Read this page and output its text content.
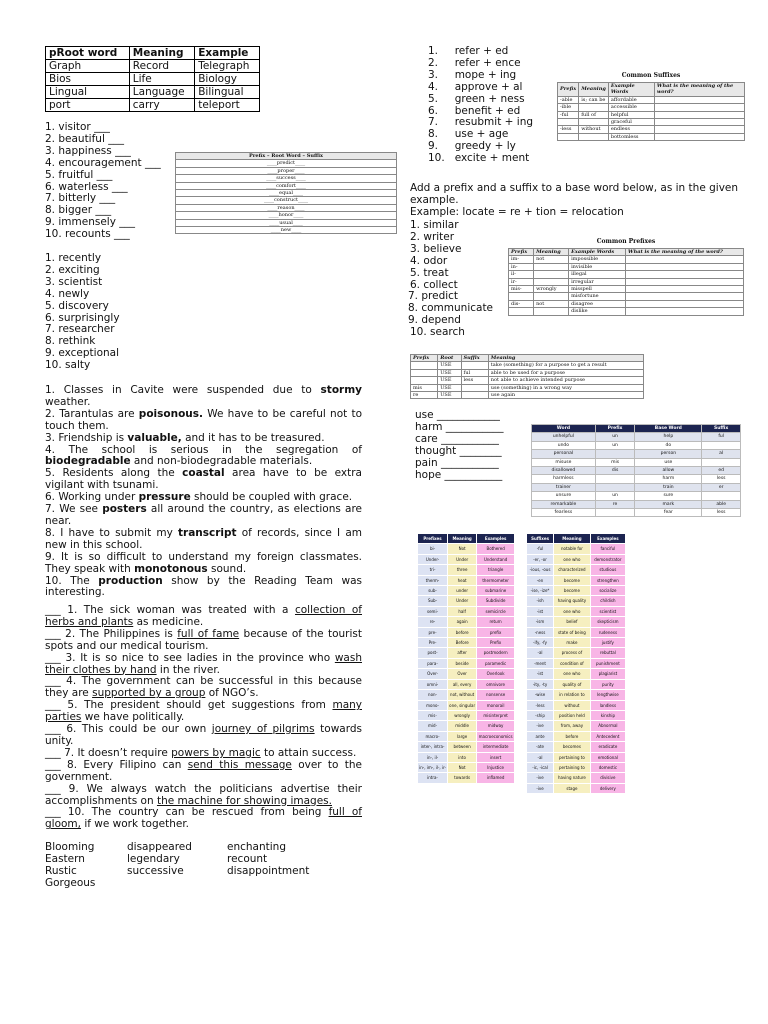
pRoot word	Meaning	Example
Graph	Record	Telegraph
Bios	Life	Biology
Lingual	Language	Bilingual
port	carry	teleport
1. visitor ___
2. beautiful ___
3. happiness ___
4. encouragement ___
5. fruitful ___
6. waterless ___
7. bitterly ___
8. bigger ___
9. immensely ___
10. recounts ___
Prefix – Root Word – Suffix
____predict____
____proper____
____success____
____comfort____
____equal____
____construct____
____reason____
____honor____
____usual____
____new____
1. recently
2. exciting
3. scientist
4. newly
5. discovery
6. surprisingly
7. researcher
8. rethink
9. exceptional
10. salty
1. Classes in Cavite were suspended due to stormy weather.
2. Tarantulas are poisonous. We have to be careful not to touch them.
3. Friendship is valuable, and it has to be treasured.
4. The school is serious in the segregation of biodegradable and non-biodegradable materials.
5. Residents along the coastal area have to be extra vigilant with tsunami.
6. Working under pressure should be coupled with grace.
7. We see posters all around the country, as elections are near.
8. I have to submit my transcript of records, since I am new in this school.
9. It is so difficult to understand my foreign classmates. They speak with monotonous sound.
10. The production show by the Reading Team was interesting.
___ 1. The sick woman was treated with a collection of herbs and plants as medicine.
___ 2. The Philippines is full of fame because of the tourist spots and our medical tourism.
___ 3. It is so nice to see ladies in the province who wash their clothes by hand in the river.
___ 4. The government can be successful in this because they are supported by a group of NGO’s.
___ 5. The president should get suggestions from many parties we have politically.
___ 6. This could be our own journey of pilgrims towards unity.
___ 7. It doesn’t require powers by magic to attain success.
___ 8. Every Filipino can send this message over to the government.
___ 9. We always watch the politicians advertise their accomplishments on the machine for showing images.
___ 10. The country can be rescued from being full of gloom, if we work together.
Blooming	disappeared	enchanting
Eastern	legendary	recount
Rustic	successive	disappointment
Gorgeous
1.     refer + ed
2.     refer + ence
3.     mope + ing
4.     approve + al
5.     green + ness
6.     benefit + ed
7.     resubmit + ing
8.     use + age
9.     greedy + ly
10.   excite + ment
Common Suffixes
Prefix	Meaning	Example Words	What is the meaning of the word?
-able	is; can be	affordable	
-ible		accessible	
-ful	full of	helpful	
		graceful	
-less	without	endless	
		bottomless	
Add a prefix and a suffix to a base word below, as in the given example.
Example: locate = re + tion = relocation
1. similar
2. writer
3. believe
4. odor
5. treat
6. collect
7. predict
8. communicate
9. depend
10. search
Common Prefixes
Prefix	Meaning	Example Words	What is the meaning of the word?
im-	not	impossible	
in-		invisible	
il-		illegal	
ir-		irregular	
mis-	wrongly	misspell	
		misfortune	
dis-	not	disagree	
		dislike	
Prefix	Root	Suffix	Meaning
	USE		take (something) for a purpose to get a result
	USE	ful	able to be used for a purpose
	USE	less	not able to achieve intended purpose
mis	USE		use (something) in a wrong way
re	USE		use again
use ____________
harm ___________
care ___________
thought ________
pain ___________
hope ___________
Word	Prefix	Base Word	Suffix
unhelpful	un	help	ful
undo	un	do	
personal		person	al
misuse	mis	use	
disallowed	dis	allow	ed
harmless		harm	less
trainer		train	er
unsure	un	sure	
remarkable	re	mark	able
fearless		fear	less
Prefixes	Meaning	Examples
bi-	Not	Bothered
Under-	Under	Understand
tri-	three	triangle
therm-	heat	thermometer
sub-	under	submarine
Sub-	Under	Subdivide
semi-	half	semicircle
re-	again	return
pre-	before	prefix
Pre-	Before	Prefix
post-	after	postmodern
para-	beside	paramedic
Over-	Over	Overlook
omni-	all, every	omnivore
non-	not, without	nonsense
mono-	one, singular	monorail
mis-	wrongly	misinterpret
mid-	middle	midway
macro-	large	macroeconomics
inter-, intra-	between	intermediate
in-, il-	into	insert
in-, im-, il-, ir-	Not	Injustice
intra-	towards	inflamed
Suffixes	Meaning	Examples
-ful	notable for	fanciful
-er, -or	one who	demonstrator
-ious, -ous	characterized	studious
-en	become	strengthen
-ise, -ize*	become	socialize
-ish	having quality	childish
-ist	one who	scientist
-ism	belief	skepticism
-ness	state of being	rudeness
-ify, -fy	make	justify
-al	process of	rebuttal
-ment	condition of	punishment
-ist	one who	plagiarist
-ity, -ty	quality of	purity
-wise	in relation to	lengthwise
-less	without	landless
-ship	position held	kinship
-ive	from, away	Abnormal
ante	before	Antecedent
-ate	becomes	eradicate
-al	pertaining to	emotional
-ic, -ical	pertaining to	domestic
-ive	having nature	divisive
-ive	stage	delivery
